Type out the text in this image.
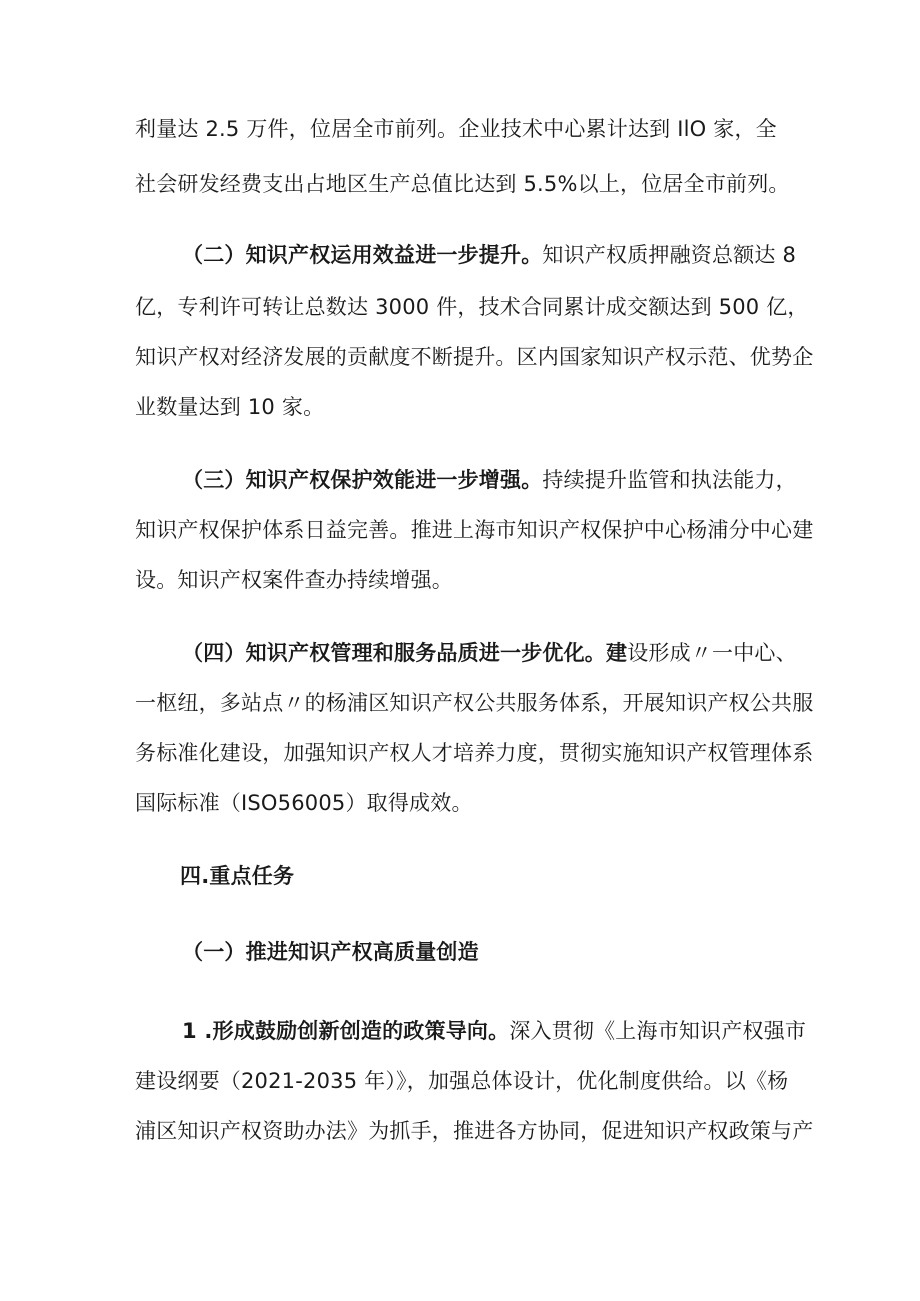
利量达 2.5 万件，位居全市前列。企业技术中心累计达到 IlO 家，全
社会研发经费支出占地区生产总值比达到 5.5%以上，位居全市前列。
（二）知识产权运用效益进一步提升。知识产权质押融资总额达 8
亿，专利许可转让总数达 3000 件，技术合同累计成交额达到 500 亿，
知识产权对经济发展的贡献度不断提升。区内国家知识产权示范、优势企
业数量达到 10 家。
（三）知识产权保护效能进一步增强。持续提升监管和执法能力，
知识产权保护体系日益完善。推进上海市知识产权保护中心杨浦分中心建
设。知识产权案件查办持续增强。
（四）知识产权管理和服务品质进一步优化。建设形成〃一中心、
一枢纽，多站点〃的杨浦区知识产权公共服务体系，开展知识产权公共服
务标准化建设，加强知识产权人才培养力度，贯彻实施知识产权管理体系
国际标准（ISO56005）取得成效。
四.重点任务
（一）推进知识产权高质量创造
1 .形成鼓励创新创造的政策导向。深入贯彻《上海市知识产权强市
建设纲要（2021-2035 年）》，加强总体设计，优化制度供给。以《杨
浦区知识产权资助办法》为抓手，推进各方协同，促进知识产权政策与产
